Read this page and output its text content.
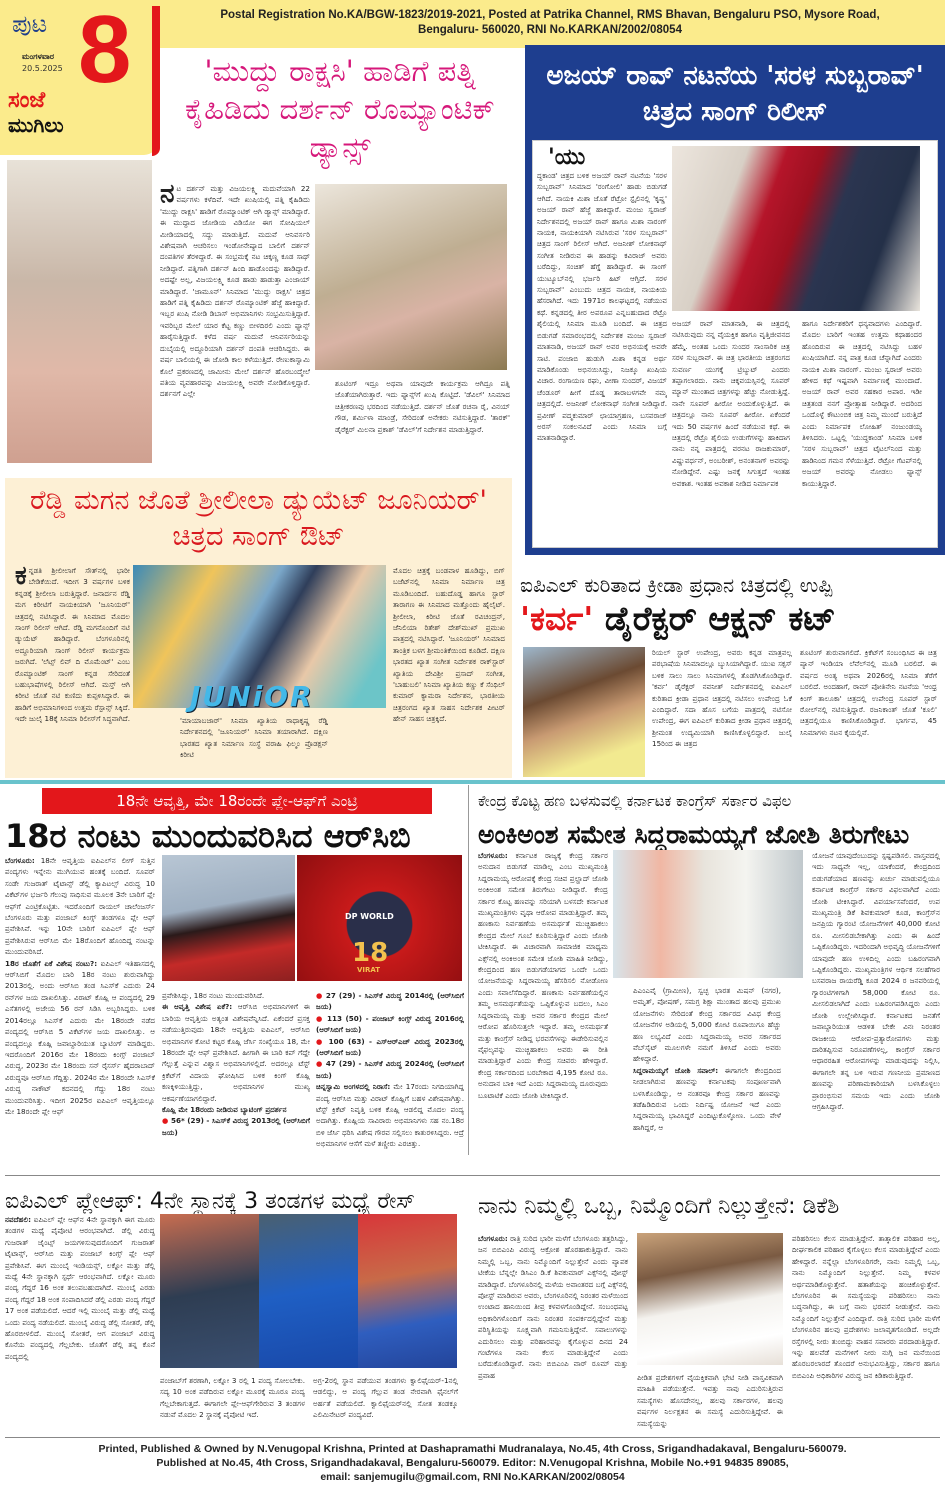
ಪುಟ 8
ಮಂಗಳವಾರ
20.5.2025
ಸಂಜೆ
ಮುಗಿಲು
Postal Registration No.KA/BGW-1823/2019-2021, Posted at Patrika Channel, RMS Bhavan, Bengaluru PSO, Mysore Road,
Bengaluru- 560020, RNI No.KARKAN/2002/08054
'ಮುದ್ದು ರಾಕ್ಷಸಿ' ಹಾಡಿಗೆ ಪತ್ನಿ ಕೈಹಿಡಿದು ದರ್ಶನ್ ರೊಮ್ಯಾಂಟಿಕ್ ಡ್ಯಾನ್ಸ್
ನಟ ದರ್ಶನ್ ಮತ್ತು ವಿಜಯಲಕ್ಷ್ಮಿ ಮದುವೆಯಾಗಿ 22 ವರ್ಷಗಳು ಕಳೆದಿವೆ. ಇದೇ ಖುಷಿಯಲ್ಲಿ ಪತ್ನಿ ಕೈಹಿಡಿದು 'ಮುದ್ದು ರಾಕ್ಷಸಿ' ಹಾಡಿಗೆ ರೊಮ್ಯಾಂಟಿಕ್ ಆಗಿ ಡ್ಯಾನ್ಸ್ ಮಾಡಿದ್ದಾರೆ. ಈ ಮುದ್ದಾದ ಜೋಡಿಯ ವಿಡಿಯೋ ಈಗ ಸೋಷಿಯಲ್ ಮೀಡಿಯಾದಲ್ಲಿ ಸದ್ದು ಮಾಡುತ್ತಿದೆ. ಮದುವೆ ಆನಿವರ್ಸರಿ ವಿಶೇಷವಾಗಿ ಆಚರಿಸಲು ಇಂಡೋನೇಷ್ಯಾದ ಬಾಲಿಗೆ ದರ್ಶನ್ ದಂಪತಿಗಳ ತೆರಳಿದ್ದಾರೆ. ಈ ಸಂಭ್ರಮಕ್ಕೆ ನಟ ಚಿಕ್ಕಣ್ಣ ಕೂಡ ಸಾಥ್ ನೀಡಿದ್ದಾರೆ. ಪತ್ನಿಗಾಗಿ ದರ್ಶನ್ ಹಿಂದಿ ಹಾಡೊಂದನ್ನು ಹಾಡಿದ್ದಾರೆ. ಅದಷ್ಟೇ ಅಲ್ಲ, ವಿಜಯಲಕ್ಷ್ಮಿ ಕೂಡ ಹಾಡು ಹಾಡುತ್ತಾ ಎಂಜಾಯ್ ಮಾಡಿದ್ದಾರೆ. 'ಜಾಮೂನ್' ಸಿನಿಮಾದ 'ಮುದ್ದು ರಾಕ್ಷಸಿ' ಚಿತ್ರದ ಹಾಡಿಗೆ ಪತ್ನಿ ಕೈಹಿಡಿದು ದರ್ಶನ್ ರೊಮ್ಯಾಂಟಿಕ್ ಹೆಜ್ಜೆ ಹಾಕಿದ್ದಾರೆ. ಇಬ್ಬರ ಖುಷಿ ನೋಡಿ ಡಿಬಾಸ್ ಅಭಿಮಾನಿಗಳು ಸಂಭ್ರಮಿಸುತ್ತಿದ್ದಾರೆ. ಇವರಿಬ್ಬರ ಮೇಲೆ ಯಾರ ಕೆಟ್ಟ ಕಣ್ಣು ಬೀಳದಿರಲಿ ಎಂದು ಫ್ಯಾನ್ಸ್ ಹಾರೈಸುತ್ತಿದ್ದಾರೆ. ಕಳೆದ ವರ್ಷ ಮದುವೆ ಆನಿವರ್ಸರಿಯನ್ನು ದುಬೈಯಲ್ಲಿ ಅದ್ದೂರಿಯಾಗಿ ದರ್ಶನ್ ದಂಪತಿ ಆಚರಿಸಿದ್ದರು. ಈ ವರ್ಷ ಬಾಲಿಯಲ್ಲಿ ಈ ಜೋಡಿ ಕಾಲ ಕಳೆಯುತ್ತಿದೆ. ರೇಣುಕಾಸ್ವಾಮಿ ಕೊಲೆ ಪ್ರಕರಣದಲ್ಲಿ ಜಾಮೀನು ಮೇಲೆ ದರ್ಶನ್ ಹೊರಬಂದ್ಮೇಲೆ ಪತಿಯ ವ್ಯವಹಾರವನ್ನು ವಿಜಯಲಕ್ಷ್ಮಿ ಅವರೇ ನೋಡಿಕೊಳ್ತಿದ್ದಾರೆ. ದರ್ಶನಗೆ ಎಲ್ಲೇ
ಶೂಟಿಂಗ್ ಇದ್ರೂ ಅಥವಾ ಯಾವುದೇ ಕಾರ್ಯಕ್ರಮ ಆಗಿದ್ರೂ ಪತ್ನಿ ಜೊತೆಯಾಗಿರುತ್ತಾರೆ. ಇದು ಫ್ಯಾನ್ಸ್‌ಗೆ ಖುಷಿ ಕೊಟ್ಟಿದೆ. 'ಡೆವಿಲ್' ಸಿನಿಮಾದ ಚಿತ್ರೀಕರಣವು ಭರದಿಂದ ನಡೆಯುತ್ತಿದೆ. ದರ್ಶನ್ ಜೊತೆ ರಚನಾ ರೈ, ವಿನಯ್ ಗೌಡ, ಶರ್ಮಿಳಾ ಮಾಂಡ್ರೆ, ಸೇರಿದಂತೆ ಅನೇಕರು ನಟಿಸುತ್ತಿದ್ದಾರೆ. 'ತಾರಕ್' ಡೈರೆಕ್ಟರ್ ಮಿಲನಾ ಪ್ರಕಾಶ್ 'ಡೆವಿಲ್'ಗೆ ನಿರ್ದೇಶನ ಮಾಡುತ್ತಿದ್ದಾರೆ.
ಅಜಯ್ ರಾವ್ ನಟನೆಯ 'ಸರಳ ಸುಬ್ಬರಾವ್' ಚಿತ್ರದ ಸಾಂಗ್ ರಿಲೀಸ್
'ಯು
ದ್ಧಕಾಂಡ' ಚಿತ್ರದ ಬಳಿಕ ಅಜಯ್ ರಾವ್ ನಟನೆಯ 'ಸರಳ ಸುಬ್ಬರಾವ್' ಸಿನಿಮಾದ 'ರಂಗೋಲಿ' ಹಾಡು ಬಿಡುಗಡೆ ಆಗಿದೆ. ನಾಯಕಿ ಮಿಶಾ ಜೊತೆ ರೆಟ್ರೋ ಸ್ಟೈಲಿನಲ್ಲಿ 'ಕೃಷ್ಣ' ಅಜಯ್ ರಾವ್ ಹೆಜ್ಜೆ ಹಾಕಿದ್ದಾರೆ. ಮಂಜು ಸ್ವರಾಜ್ ನಿರ್ದೇಶನದಲ್ಲಿ ಅಜಯ್ ರಾವ್ ಹಾಗೂ ಮಿಶಾ ನಾರಂಗ್ ನಾಯಕ, ನಾಯಕಿಯಾಗಿ ನಟಿಸಿರುವ 'ಸರಳ ಸುಬ್ಬರಾವ್' ಚಿತ್ರದ ಸಾಂಗ್ ರಿಲೀಸ್ ಆಗಿದೆ. ಅಜನೀಶ್ ಲೋಕನಾಥ್ ಸಂಗೀತ ನೀಡಿರುವ ಈ ಹಾಡನ್ನು ಕವಿರಾಜ್ ಅವರು ಬರೆದಿದ್ದು, ಸಂಚಿತ್ ಹೆಗ್ಡೆ ಹಾಡಿದ್ದಾರೆ. ಈ ಸಾಂಗ್ ಯುಟ್ಯೂಬ್‌ನಲ್ಲಿ ಭರ್ಜರಿ ಹಿಟ್ ಆಗ್ತಿದೆ. ಸರಳ ಸುಬ್ಬರಾವ್' ಎಂಬುದು ಚಿತ್ರದ ನಾಯಕ, ನಾಯಕಿಯ ಹೆಸರಾಗಿದೆ. ಇದು 1971ರ ಕಾಲಘಟ್ಟದಲ್ಲಿ ನಡೆಯುವ ಕಥೆ. ಕನ್ನಡದಲ್ಲಿ ತೀರ ಅಪರೂಪ ಎನ್ನಬಹುದಾದ ರೆಟ್ರೊ ಶೈಲಿಯಲ್ಲಿ ಸಿನಿಮಾ ಮೂಡಿ ಬಂದಿದೆ. ಈ ಚಿತ್ರದ ಬಿಡುಗಡೆ ಸಮಾರಂಭದಲ್ಲಿ ನಿರ್ದೇಶಕ ಮಂಜು ಸ್ವರಾಜ್ ಮಾತನಾಡಿ, ಅಜಯ್ ರಾವ್ ಅವರ ಅಭಿನಯಕ್ಕೆ ಅವರೇ ಸಾಟಿ. ಪಂಜಾಬಿ ಹುಡುಗಿ ಮಿಶಾ ಕನ್ನಡ ಅರ್ಥ ಮಾಡಿಕೊಂಡು ಅಭಿನಯಿಸಿದ್ದು, ನಿಜಕ್ಕೂ ಖುಷಿಯ ವಿಚಾರ. ರಂಗಾಯಣ ರಘು, ವೀಣಾ ಸುಂದರ್, ವಿಜಯ್ ಚೆಂಡೂರ್ ಹೀಗೆ ದೊಡ್ಡ ತಾರಾಬಳಗವೇ ನಮ್ಮ ಚಿತ್ರದಲ್ಲಿದೆ. ಅಜನೀಶ್ ಲೋಕನಾಥ್ ಸಂಗೀತ ನೀಡಿದ್ದಾರೆ. ಪ್ರವೀಣ್ ಪದ್ಮಕುಮಾರ್ ಛಾಯಾಗ್ರಹಣ, ಬಸವರಾಜ್ ಅರಸ್ ಸಂಕಲನವಿದೆ ಎಂದು ಸಿನಿಮಾ ಬಗ್ಗೆ ಮಾತನಾಡಿದ್ದಾರೆ.
ಅಜಯ್ ರಾವ್ ಮಾತನಾಡಿ, ಈ ಚಿತ್ರದಲ್ಲಿ ನಟಿಸಿರುವುದು ನನ್ನ ವೈಯಕ್ತಿಕ ಹಾಗೂ ವೃತ್ತಿಜೀವನದ ಹೆಮ್ಮೆ. ಅಂತಹ ಒಂದು ಸುಂದರ ಸಾಂಸಾರಿಕ ಚಿತ್ರ ಸರಳ ಸುಬ್ಬರಾವ್. ಈ ಚಿತ್ರ ಭಾರತೀಯ ಚಿತ್ರರಂಗದ ಸುವರ್ಣ ಯುಗಕ್ಕೆ ಟ್ರಿಬ್ಯುಟ್ ಎಂದರು ತಪ್ಪಾಗಲಾರದು. ನಾನು ಚಿಕ್ಕವಯಸ್ಸಿನಲ್ಲಿ ಸೂಪರ್ ಮ್ಯಾನ್ ಮುಂತಾದ ಚಿತ್ರಗಳನ್ನು ಹೆಚ್ಚು ನೋಡುತ್ತಿದ್ದೆ. ನಾನೇ ಸೂಪರ್ ಹೀರೋ ಅಂದುಕೊಳ್ಳುತ್ತಿದೆ. ಈ ಚಿತ್ರದಲ್ಲೂ ನಾನು ಸೂಪರ್ ಹೀರೋ. ಏಕೆಂದರೆ ಇದು 50 ವರ್ಷಗಳ ಹಿಂದೆ ನಡೆಯುವ ಕಥೆ. ಈ ಚಿತ್ರದಲ್ಲಿ ರೆಟ್ರೊ ಶೈಲಿಯ ಉಡುಗೆಗಳನ್ನು ಹಾಕಿದಾಗ ನಾನು ನನ್ನ ಪಾತ್ರದಲ್ಲಿ ವರನಟ ರಾಜಕುಮಾರ್, ವಿಷ್ಣುವರ್ಧನ್, ಅಂಬರೀಶ್, ಅನಂತನಾಗ್ ಅವರನ್ನು ನೋಡಿದ್ದೇನೆ. ಎಷ್ಟು ಜನಕ್ಕೆ ಸಿಗುತ್ತದೆ ಇಂತಹ ಅವಕಾಶ. ಇಂತಹ ಅವಕಾಶ ನೀಡಿದ ನಿರ್ಮಾಪಕ
ಹಾಗೂ ನಿರ್ದೇಶಕರಿಗೆ ಧನ್ಯವಾದಗಳು ಎಂದಿದ್ದಾರೆ. ಮೊದಲ ಬಾರಿಗೆ ಇಂತಹ ಉತ್ತಮ ಕಥಾಹಂದರ ಹೊಂದಿರುವ ಈ ಚಿತ್ರದಲ್ಲಿ ನಟಿಸಿದ್ದು ಬಹಳ ಖುಷಿಯಾಗಿದೆ. ನನ್ನ ಪಾತ್ರ ಕೂಡ ಚೆನ್ನಾಗಿದೆ ಎಂದರು ನಾಯಕಿ ಮಿಶಾ ನಾರಂಗ್. ಮಂಜು ಸ್ವರಾಜ್ ಅವರು ಹೇಳಿದ ಕಥೆ ಇಷ್ಟವಾಗಿ ನಿರ್ಮಾಣಕ್ಕೆ ಮುಂದಾದೆ. ಅಜಯ್ ರಾವ್ ಅವರ ಸಹಕಾರ ಅಪಾರ. ಇಡೀ ಚಿತ್ರತಂಡ ನನಗೆ ಪ್ರೋತ್ಸಾಹ ನೀಡಿದ್ದಾರೆ. ಅದರಿಂದ ಒಂದೊಳ್ಳೆ ಕೌಟುಂಬಿಕ ಚಿತ್ರ ನಿಮ್ಮ ಮುಂದೆ ಬರುತ್ತಿದೆ ಎಂದು ನಿರ್ಮಾಪಕ ಲೋಹಿತ್ ನಂಜುಂಡಯ್ಯ ತಿಳಿಸಿದರು. ಒಟ್ಟಲ್ಲಿ 'ಯುದ್ಧಕಾಂಡ' ಸಿನಿಮಾ ಬಳಿಕ 'ಸರಳ ಸುಬ್ಬರಾವ್' ಚಿತ್ರದ ಟೈಟಲ್‌ನಿಂದ ಮತ್ತು ಹಾಡಿನಿಂದ ಗಮನ ಸೆಳೆಯುತ್ತಿದೆ. ರೆಟ್ರೋ ಗೆಟಪ್‌ನಲ್ಲಿ ಅಜಯ್ ಅವರನ್ನು ನೋಡಲು ಫ್ಯಾನ್ಸ್ ಕಾಯುತ್ತಿದ್ದಾರೆ.
ರೆಡ್ಡಿ ಮಗನ ಜೊತೆ ಶ್ರೀಲೀಲಾ ಡ್ಯುಯೆಟ್ ಜೂನಿಯರ್' ಚಿತ್ರದ ಸಾಂಗ್ ಔಟ್
JUNiOR
ಕನ್ನಡತಿ ಶ್ರೀಲೀಲಾಗೆ ಸೌತ್‌ನಲ್ಲಿ ಭಾರೀ ಬೇಡಿಕೆಯಿದೆ. ಇದೀಗ 3 ವರ್ಷಗಳ ಬಳಿಕ ಕನ್ನಡಕ್ಕೆ ಶ್ರೀಲೀಲಾ ಬರುತ್ತಿದ್ದಾರೆ. ಜನಾರ್ದನ ರೆಡ್ಡಿ ಮಗ ಕಿರೀಟಿಗೆ ನಾಯಕಿಯಾಗಿ 'ಜೂನಿಯರ್' ಚಿತ್ರದಲ್ಲಿ ನಟಿಸಿದ್ದಾರೆ. ಈ ಸಿನಿಮಾದ ಮೊದಲ ಸಾಂಗ್ ರಿಲೀಸ್ ಆಗಿದೆ. ರೆಡ್ಡಿ ಮಗನೊಂದಿಗೆ ನಟಿ ಡ್ಯುಯೆಟ್ ಹಾಡಿದ್ದಾರೆ. ಬೆಂಗಳೂರಿನಲ್ಲಿ ಅದ್ದೂರಿಯಾಗಿ ಸಾಂಗ್ ರಿಲೀಸ್ ಕಾರ್ಯಕ್ರಮ ಜರುಗಿದೆ. 'ಲೆಟ್ಸ್ ಲಿವ್ ದಿ ಮೊಮೆಂಟ್' ಎಂಬ ರೊಮ್ಯಾಂಟಿಕ್ ಸಾಂಗ್ ಕನ್ನಡ ಸೇರಿದಂತೆ ಬಹುಭಾಷೆಗಳಲ್ಲಿ ರಿಲೀಸ್ ಆಗಿದೆ. ಮಸ್ತ್ ಆಗಿ ಕಿರೀಟಿ ಜೊತೆ ನಟಿ ಕುಣಿದು ಕುಪ್ಪಳಿಸಿದ್ದಾರೆ. ಈ ಹಾಡಿಗೆ ಅಭಿಮಾನಿಗಳಿಂದ ಉತ್ತಮ ರೆಸ್ಪಾನ್ಸ್ ಸಿಕ್ಕಿದೆ. ಇದೇ ಜುಲೈ 18ಕ್ಕೆ ಸಿನಿಮಾ ರಿಲೀಸ್‌ಗೆ ಸಿದ್ಧವಾಗಿದೆ.	'ಮಾಯಾಬಜಾರ್' ಸಿನಿಮಾ ಖ್ಯಾತಿಯ ರಾಧಾಕೃಷ್ಣ ರೆಡ್ಡಿ ನಿರ್ದೇಶನದಲ್ಲಿ 'ಜೂನಿಯರ್' ಸಿನಿಮಾ ತಯಾರಾಗಿದೆ. ದಕ್ಷಿಣ ಭಾರತದ ಖ್ಯಾತ ನಿರ್ಮಾಣ ಸಂಸ್ಥೆ ವರಾಹಿ ಫಿಲ್ಮಂ ಪ್ರೊಡಕ್ಷನ್ ಕಿರೀಟಿ
ಮೊದಲ ಚಿತ್ರಕ್ಕೆ ಬಂಡವಾಳ ಹೂಡಿದ್ದು, ಬಿಗ್ ಬಜೆಟ್‌ನಲ್ಲಿ ಸಿನಿಮಾ ನಿರ್ಮಾಣ ಚಿತ್ರ ಮೂಡಿಬಂದಿದೆ. ಬಹುದೊಡ್ಡ ಹಾಗೂ ಸ್ಟಾರ್ ತಾರಾಗಣ ಈ ಸಿನಿಮಾದ ಮತ್ತೊಂದು ಹೈಲೈಟ್. ಶ್ರೀಲೀಲಾ, ಕಿರೀಟಿ ಜೊತೆ ರವಿಚಂದ್ರನ್, ಜೆನಿಲಿಯಾ ರಿತೇಶ್ ದೇಶ್‌ಮುಖ್ ಪ್ರಮುಖ ಪಾತ್ರದಲ್ಲಿ ನಟಿಸಿದ್ದಾರೆ. 'ಜೂನಿಯರ್' ಸಿನಿಮಾದ ತಾಂತ್ರಿಕ ಬಳಗ ಶ್ರೀಮಂತಿಕೆಯಿಂದ ಕೂಡಿದೆ. ದಕ್ಷಿಣ ಭಾರತದ ಖ್ಯಾತ ಸಂಗೀತ ನಿರ್ದೇಶಕ ರಾಕ್‌ಸ್ಟಾರ್ ಖ್ಯಾತಿಯ ದೇವಿಶ್ರೀ ಪ್ರಸಾದ್ ಸಂಗೀತ, 'ಬಾಹುಬಲಿ' ಸಿನಿಮಾ ಖ್ಯಾತಿಯ ಕಣ್ಣು ಕೆ ಸೆಂಥಿಲ್ ಕುಮಾರ್ ಕ್ಯಾಮರಾ ನಿರ್ದೇಶನ, ಭಾರತೀಯ ಚಿತ್ರರಂಗದ ಖ್ಯಾತ ಸಾಹಸ ನಿರ್ದೇಶಕ ಪೀಟರ್ ಹೇನ್ ಸಾಹಸ ಚಿತ್ರಕ್ಕಿದೆ.
ಐಪಿಎಲ್ ಕುರಿತಾದ ಕ್ರೀಡಾ ಪ್ರಧಾನ ಚಿತ್ರದಲ್ಲಿ ಉಪ್ಪಿ
'ಕರ್ವ' ಡೈರೆಕ್ಟರ್ ಆಕ್ಷನ್ ಕಟ್
ರಿಯಲ್ ಸ್ಟಾರ್ ಉಪೇಂದ್ರ, ಅವರು ಕನ್ನಡ ಮಾತ್ರವಲ್ಲ ಪರಭಾಷೆಯ ಸಿನಿಮಾದಲ್ಲೂ ಬ್ಯುಸಿಯಾಗಿದ್ದಾರೆ. ಯುಐ ಸಕ್ಸಸ್ ಬಳಿಕ ಸಾಲು ಸಾಲು ಸಿನಿಮಾಗಳಲ್ಲಿ ತೊಡಗಿಸಿಕೊಂಡಿದ್ದಾರೆ. 'ಕರ್ವ' ಡೈರೆಕ್ಟರ್ ನವನೀತ್ ನಿರ್ದೇಶನದಲ್ಲಿ ಐಪಿಎಲ್ ಕುರಿತಾದ ಕ್ರೀಡಾ ಪ್ರಧಾನ ಚಿತ್ರದಲ್ಲಿ ನಟಿಸಲು ಉಪೇಂದ್ರ ಓಕೆ ಎಂದಿದ್ದಾರೆ. ಸದಾ ಹೊಸ ಬಗೆಯ ಪಾತ್ರದಲ್ಲಿ ನಟಿಸೋ ಉಪೇಂದ್ರ, ಈಗ ಐಪಿಎಲ್ ಕುರಿತಾದ ಕ್ರೀಡಾ ಪ್ರಧಾನ ಚಿತ್ರದಲ್ಲಿ ಶ್ರೀಮಂತ ಉದ್ಯಮಿಯಾಗಿ ಕಾಣಿಸಿಕೊಳ್ಳಲಿದ್ದಾರೆ. ಜುಲೈ 15ರಿಂದ ಈ ಚಿತ್ರದ
ಶೂಟಿಂಗ್ ಶುರುವಾಗಲಿದೆ. ಕ್ರಿಕೆಟ್‌ಗೆ ಸಂಬಂಧಿಸಿದ ಈ ಚಿತ್ರ ಪ್ಯಾನ್ ಇಂಡಿಯಾ ಲೆವೆಲ್‌ನಲ್ಲಿ ಮೂಡಿ ಬರಲಿದೆ. ಈ ವರ್ಷದ ಅಂತ್ಯ ಅಥವಾ 2026ರಲ್ಲಿ ಸಿನಿಮಾ ತೆರೆಗೆ ಬರಲಿದೆ. ಅಂದಹಾಗೆ, ರಾಮ್ ಪೋತಿನೇನಿ ನಟನೆಯ 'ಆಂಧ್ರ ಕಿಂಗ್ ತಾಲೂಕಾ' ಚಿತ್ರದಲ್ಲಿ ಉಪೇಂದ್ರ ಸೂಪರ್ ಸ್ಟಾರ್ ರೋಲ್‌ನಲ್ಲಿ ನಟಿಸುತ್ತಿದ್ದಾರೆ. ರಜನಿಕಾಂತ್ ಜೊತೆ 'ಕೂಲಿ' ಚಿತ್ರದಲ್ಲಿಯೂ ಕಾಣಿಸಿಕೊಂಡಿದ್ದಾರೆ. ಭಾರ್ಗವ, 45 ಸಿನಿಮಾಗಳು ನಟನ ಕೈಯಲ್ಲಿವೆ.
18ನೇ ಆವೃತ್ತಿ, ಮೇ 18ರಂದೇ ಪ್ಲೇ-ಆಫ್‌ಗೆ ಎಂಟ್ರಿ
18ರ ನಂಟು ಮುಂದುವರಿಸಿದ ಆರ್‌ಸಿಬಿ
DP WORLD
18
VIRAT
ಬೆಂಗಳೂರು: 18ನೇ ಆವೃತ್ತಿಯ ಐಪಿಎಲ್‌ನ ಲೀಗ್ ಸುತ್ತಿನ ಪಂದ್ಯಗಳು ಇನ್ನೇನು ಮುಗಿಯುವ ಹಂತಕ್ಕೆ ಬಂದಿದೆ. ಸೂಪರ್ ಸಂಡೇ ಗುಜರಾತ್ ಟೈಟಾನ್ಸ್ ಡೆಲ್ಲಿ ಕ್ಯಾಪಿಟಲ್ಸ್ ವಿರುದ್ಧ 10 ವಿಕೆಟ್‌ಗಳ ಭರ್ಜರಿ ಗೆಲುವು ಸಾಧಿಸುವ ಮೂಲಕ 3ನೇ ಬಾರಿಗೆ ಪ್ಲೇ ಆಫ್‌ಗೆ ಎಂಟ್ರಿಕೊಟ್ಟಿತು. ಇದರೊಂದಿಗೆ ರಾಯಲ್ ಚಾಲೆಂಜರ್ಸ್ ಬೆಂಗಳೂರು ಮತ್ತು ಪಂಜಾಬ್ ಕಿಂಗ್ಸ್ ತಂಡಗಳೂ ಪ್ಲೇ ಆಫ್ ಪ್ರವೇಶಿಸಿವೆ. ಇನ್ನು 10ನೇ ಬಾರಿಗೆ ಐಪಿಎಲ್ ಪ್ಲೇ ಆಫ್ ಪ್ರವೇಶಿಸಿರುವ ಆರ್‌ಸಿಬಿ ಮೇ 18ರೊಂದಿಗೆ ಹೊಂದಿದ್ದ ನಂಟನ್ನು ಮುಂದುವರಿಸಿದೆ.
18ರ ಜೊತೆಗೆ ಏಕೆ ವಿಶೇಷ ನಂಟು?: ಐಪಿಎಲ್ ಇತಿಹಾಸದಲ್ಲಿ ಆರ್‌ಸಿಬಿಗೆ ಮೊದಲ ಬಾರಿ 18ರ ನಂಟು ಶುರುವಾಗಿದ್ದು 2013ರಲ್ಲಿ. ಅಂದು ಆರ್‌ಸಿಬಿ ತಂಡ ಸಿಎಸ್‌ಕೆ ಎದುರು 24 ರನ್‌ಗಳ ಜಯ ದಾಖಲಿಸಿತ್ತು. ವಿರಾಟ್ ಕೊಹ್ಲಿ ಆ ಪಂದ್ಯದಲ್ಲಿ 29 ಎಸೆತಗಳಲ್ಲಿ ಅಜೇಯ 56 ರನ್ ಸಿಡಿಸಿ ಅಬ್ಬರಿಸಿದ್ದರು. ಬಳಿಕ 2014ರಲ್ಲೂ ಸಿಎಸ್‌ಕೆ ಎದುರು ಮೇ 18ರಂದೇ ನಡೆದ ಪಂದ್ಯದಲ್ಲಿ ಆರ್‌ಸಿಬಿ 5 ವಿಕೆಟ್‌ಗಳ ಜಯ ದಾಖಲಿಸಿತ್ತು. ಆ ಪಂದ್ಯದಲ್ಲೂ ಕೊಹ್ಲಿ ಜವಾಬ್ದಾರಿಯುತ ಬ್ಯಾಟಿಂಗ್ ಮಾಡಿದ್ದರು. ಇದರೊಂದಿಗೆ 2016ರ ಮೇ 18ರಂದು ಕಿಂಗ್ಸ್ ಪಂಜಾಬ್ ವಿರುದ್ಧ, 2023ರ ಮೇ 18ರಂದು ಸನ್ ರೈಸರ್ಸ್ ಹೈದರಾಬಾದ್ ವಿರುದ್ಧವೂ ಆರ್‌ಸಿಬಿ ಗೆದ್ದಿತ್ತು. 2024ರ ಮೇ 18ರಂದೇ ಸಿಎಸ್‌ಕೆ ವಿರುದ್ಧ ನಾಕೌಟ್ ಕದನದಲ್ಲಿ ಗೆದ್ದು 18ರ ನಂಟು ಮುಂದುವರಿಸಿತ್ತು. ಇದೀಗ 2025ರ ಐಪಿಎಲ್ ಆವೃತ್ತಿಯಲ್ಲೂ ಮೇ 18ರಂದೇ ಪ್ಲೇ ಆಫ್
ಪ್ರವೇಶಿಸಿದ್ದು, 18ರ ನಂಟು ಮುಂದುವರಿಸಿದೆ.
ಈ ಆವೃತ್ತಿ ವಿಶೇಷ ಏಕೆ?: ಆರ್‌ಸಿಬಿ ಅಭಿಮಾನಿಗಳಿಗೆ ಈ ಬಾರಿಯ ಆವೃತ್ತಿಯ ಅತ್ಯಂತ ವಿಶೇಷವೆನ್ನಿಸಿದೆ. ಏಕೆಂದರೆ ಪ್ರಸಕ್ತ ನಡೆಯುತ್ತಿರುವುದು 18ನೇ ಆವೃತ್ತಿಯ ಐಪಿಎಲ್, ಆರ್‌ಸಿಬಿ ಅಭಿಮಾನಿಗಳ ಕೋಟಿ ಕಟ್ಟರ ಕೊಹ್ಲಿ ಜೆರ್ಸಿ ಸಂಖ್ಯೆಯೂ 18, ಮೇ 18ರಂದೇ ಪ್ಲೇ ಆಫ್ ಪ್ರವೇಶಿಸಿದೆ. ಹೀಗಾಗಿ ಈ ಬಾರಿ ಕಪ್ ಗೆದ್ದೇ ಗೆಲ್ಲುತ್ತೆ ಎನ್ನುವ ವಿಶ್ವಾಸ ಅಭಿಮಾನಿಗಳಲ್ಲಿದೆ. ಅದರಲ್ಲೂ ಟೆಸ್ಟ್ ಕ್ರಿಕೆಟ್‌ಗೆ ವಿದಾಯ ಘೋಷಿಸಿದ ಬಳಿಕ ಕಿಂಗ್ ಕೊಹ್ಲಿ ಕಣಕ್ಕಿಳಿಯುತ್ತಿದ್ದು, ಅಭಿಮಾನಿಗಳ ಮುಖ್ಯ ಆಕರ್ಷಣೆಯಾಗಲಿದ್ದಾರೆ.
ಕೊಹ್ಲಿ ಮೇ 18ರಂದು ನೀಡಿರುವ ಬ್ಯಾಟಿಂಗ್ ಪ್ರದರ್ಶನ
● 56* (29) - ಸಿಎಸ್‌ಕೆ ವಿರುದ್ಧ 2013ರಲ್ಲಿ (ಆರ್‌ಸಿಬಿಗೆ ಜಯ)
● 27 (29) - ಸಿಎಸ್‌ಕೆ ವಿರುದ್ಧ 2014ರಲ್ಲಿ (ಆರ್‌ಸಿಬಿಗೆ ಜಯ)
● 113 (50) - ಪಂಜಾಬ್ ಕಿಂಗ್ಸ್ ವಿರುದ್ಧ 2016ರಲ್ಲಿ (ಆರ್‌ಸಿಬಿಗೆ ಜಯ)
● 100 (63) - ಎಸ್‌ಆರ್‌ಎಚ್ ವಿರುದ್ಧ 2023ರಲ್ಲಿ (ಆರ್‌ಸಿಬಿಗೆ ಜಯ)
● 47 (29) - ಸಿಎಸ್‌ಕೆ ವಿರುದ್ಧ 2024ರಲ್ಲಿ (ಆರ್‌ಸಿಬಿಗೆ ಜಯ)
ಚಿನ್ನಸ್ವಾಮಿ ಅಂಗಳದಲ್ಲಿ ನಿರಾಸೆ: ಮೇ 17ರಂದು ನಿಗದಿಯಾಗಿದ್ದ ಪಂದ್ಯ ಆರ್‌ಸಿಬಿ ಮತ್ತು ವಿರಾಟ್ ಕೊಹ್ಲಿಗೆ ಬಹಳ ವಿಶೇಷವಾಗಿತ್ತು. ಟೆಸ್ಟ್ ಕ್ರಿಕೆಟ್ ನಿವೃತ್ತಿ ಬಳಿಕ ಕೊಹ್ಲಿ ಆಡಲಿದ್ದ ಮೊದಲ ಪಂದ್ಯ ಅದಾಗಿತ್ತು. ಕೊಹ್ಲಿಯ ಸಾವಿರಾರು ಅಭಿಮಾನಿಗಳು ಸಹ ನಂ.18ರ ಬಿಳಿ ಜೆರ್ಸಿ ಧರಿಸಿ ವಿಶೇಷ ಗೌರವ ಸಲ್ಲಿಸಲು ಕಾತುರಳಿಸಿದ್ದರು. ಆದ್ರೆ ಅಭಿಮಾನಿಗಳ ಆಸೆಗೆ ಮಳೆ ತಣ್ಣೀರು ಎರಚಿತ್ತು.
ಕೇಂದ್ರ ಕೊಟ್ಟ ಹಣ ಬಳಸುವಲ್ಲಿ ಕರ್ನಾಟಕ ಕಾಂಗ್ರೆಸ್ ಸರ್ಕಾರ ವಿಫಲ
ಅಂಕಿಅಂಶ ಸಮೇತ ಸಿದ್ದರಾಮಯ್ಯಗೆ ಜೋಶಿ ತಿರುಗೇಟು
ಬೆಂಗಳೂರು: ಕರ್ನಾಟಕ ರಾಜ್ಯಕ್ಕೆ ಕೇಂದ್ರ ಸರ್ಕಾರ ಅನುದಾನ ಬಿಡುಗಡೆ ಮಾಡಿಲ್ಲ ಎಂಬ ಮುಖ್ಯಮಂತ್ರಿ ಸಿದ್ದರಾಮಯ್ಯ ಆರೋಪಕ್ಕೆ ಕೇಂದ್ರ ಸಚಿವ ಪ್ರಲ್ಹಾದ್ ಜೋಶಿ ಅಂಕಿಅಂಶ ಸಮೇತ ತಿರುಗೇಟು ನೀಡಿದ್ದಾರೆ. ಕೇಂದ್ರ ಸರ್ಕಾರ ಕೊಟ್ಟ ಹಣವನ್ನು ಸರಿಯಾಗಿ ಬಳಸದೇ ಕರ್ನಾಟಕ ಮುಖ್ಯಮಂತ್ರಿಗಳು ವೃಥಾ ಆರೋಪ ಮಾಡುತ್ತಿದ್ದಾರೆ. ತಮ್ಮ ಹಣಕಾಸು ನಿರ್ವಹಣೆಯ ಅಸಮರ್ಥತೆ ಮುಚ್ಚಿಹಾಕಲು ಕೇಂದ್ರದ ಮೇಲೆ ಗೂಬೆ ಕೂರಿಸುತ್ತಿದ್ದಾರೆ ಎಂದು ಜೋಶಿ ಟೀಕಿಸಿದ್ದಾರೆ. ಈ ವಿಚಾರವಾಗಿ ಸಾಮಾಜಿಕ ಮಾಧ್ಯಮ ಎಕ್ಸ್‌ನಲ್ಲಿ ಅಂಕಿಅಂಶ ಸಮೇತ ಜೋಶಿ ಮಾಹಿತಿ ನೀಡಿದ್ದು, ಕೇಂದ್ರದಿಂದ ಹಣ ಬಿಡುಗಡೆಯಾಗದ ಒಂದೇ ಒಂದು ಯೋಜನೆಯನ್ನು ಸಿದ್ದರಾಮಯ್ಯ ಹೆಸರಿಸಲಿ ನೋಡೋಣ ಎಂದು ಸವಾಲೆಸೆದಿದ್ದಾರೆ. ಹಣಕಾಸು ನಿರ್ವಹಣೆಯಲ್ಲಿನ ತಮ್ಮ ಅಸಮರ್ಥತೆಯನ್ನು ಒಪ್ಪಿಕೊಳ್ಳುವ ಬದಲು, ಸಿಎಂ ಸಿದ್ದರಾಮಯ್ಯ ಮತ್ತು ಅವರ ಸರ್ಕಾರ ಕೇಂದ್ರದ ಮೇಲೆ ಆರೋಪ ಹೊರಿಸುತ್ತಲೇ ಇದ್ದಾರೆ. ತಮ್ಮ ಅಸಮರ್ಥತೆ ಮತ್ತು ಕಾಂಗ್ರೆಸ್ ನೀಡಿದ್ದ ಭರವಸೆಗಳನ್ನು ಈಡೇರಿಸುವಲ್ಲಿನ ವೈಫಲ್ಯವನ್ನು ಮುಚ್ಚಿಹಾಕಲು ಅವರು ಈ ರೀತಿ ಮಾಡುತ್ತಿದ್ದಾರೆ ಎಂದು ಕೇಂದ್ರ ಸಚಿವರು ಹೇಳಿದ್ದಾರೆ. ಕೇಂದ್ರ ಸರ್ಕಾರದಿಂದ ಬರಬೇಕಾದ 4,195 ಕೋಟಿ ರೂ. ಅನುದಾನ ಬಾಕಿ ಇದೆ ಎಂದು ಸಿದ್ದರಾಮಯ್ಯ ದೂರುವುದು ಬೂಟಾಟಿಕೆ ಎಂದು ಜೋಶಿ ಟೀಕಿಸಿದ್ದಾರೆ.
ಪಿಎಂಎವೈ (ಗ್ರಾಮೀಣ), ಸ್ವಚ್ಛ ಭಾರತ ಮಿಷನ್ (ನಗರ), ಅಮೃತ್, ಪೋಷಣ್, ಸಮಗ್ರ ಶಿಕ್ಷಾ ಮುಂತಾದ ಹಲವು ಪ್ರಮುಖ ಯೋಜನೆಗಳು ಸೇರಿದಂತೆ ಕೇಂದ್ರ ಸರ್ಕಾರದ ವಿವಿಧ ಕೇಂದ್ರ ಯೋಜನೆಗಳ ಅಡಿಯಲ್ಲಿ 5,000 ಕೋಟಿ ರೂಪಾಯಿಗೂ ಹೆಚ್ಚು ಹಣ ಲಭ್ಯವಿದೆ ಎಂದು ಸಿದ್ದರಾಮಯ್ಯ ಅವರ ಸರ್ಕಾರದ ವೆಬ್‌ಸೈಟ್ ಮೂಲಗಳೇ ನಮಗೆ ತಿಳಿಸಿದೆ ಎಂದು ಅವರು ಹೇಳಿದ್ದಾರೆ.
ಸಿದ್ದರಾಮಯ್ಯಗೆ ಜೋಶಿ ಸವಾಲ್: ಈಗಾಗಲೇ ಕೇಂದ್ರದಿಂದ ನೀಡಲಾಗಿರುವ ಹಣವನ್ನು ಕರ್ನಾಟಕವು ಸಂಪೂರ್ಣವಾಗಿ ಬಳಸಿಕೊಂಡಿದ್ದು, ಆ ನಂತರವೂ ಕೇಂದ್ರ ಸರ್ಕಾರ ಹಣವನ್ನು ತಡೆಹಿಡಿದಿರುವ ಒಂದು ನಿರ್ದಿಷ್ಟ ಯೋಜನೆ ಇದೆ ಎಂದು ಸಿದ್ದರಾಮಯ್ಯ ಭಾವಿಸಿದ್ದರೆ ಎಂದಿಟ್ಟುಕೊಳ್ಳೋಣ. ಒಂದು ವೇಳೆ ಹಾಗಿದ್ದರೆ, ಆ
ಯೋಜನೆ ಯಾವುದೆಂಬುದನ್ನು ಸ್ಪಷ್ಟಪಡಿಸಲಿ. ವಾಸ್ತವದಲ್ಲಿ ಇದು ಸಾಧ್ಯವೇ ಇಲ್ಲ, ಯಾಕೆಂದರೆ, ಕೇಂದ್ರದಿಂದ ಬಿಡುಗಡೆಯಾದ ಹಣವನ್ನು ಖರ್ಚು ಮಾಡುವಲ್ಲಿಯೂ ಕರ್ನಾಟಕ ಕಾಂಗ್ರೆಸ್ ಸರ್ಕಾರ ವಿಫಲವಾಗಿದೆ ಎಂದು ಜೋಶಿ ಟೀಕಿಸಿದ್ದಾರೆ. ವಿಪರ್ಯಾಸವೆಂದರೆ, ಉಪ ಮುಖ್ಯಮಂತ್ರಿ ಡಿಕೆ ಶಿವಕುಮಾರ್ ಕೂಡ, ಕಾಂಗ್ರೆಸ್‌ನ ಜನಪ್ರಿಯ ಗ್ಯಾರಂಟಿ ಯೋಜನೆಗಳಿಗೆ 40,000 ಕೋಟಿ ರೂ. ಮೀಸಲಿಡಬೇಕಾಗಿತ್ತು ಎಂದು ಈ ಹಿಂದೆ ಒಪ್ಪಿಕೊಂಡಿದ್ದರು. ಇದರಿಂದಾಗಿ ಅಭಿವೃದ್ಧಿ ಯೋಜನೆಗಳಿಗೆ ಯಾವುದೇ ಹಣ ಉಳಿದಿಲ್ಲ ಎಂದು ಬಹಿರಂಗವಾಗಿ ಒಪ್ಪಿಕೊಂಡಿದ್ದರು. ಮುಖ್ಯಮಂತ್ರಿಗಳ ಆರ್ಥಿಕ ಸಲಹೆಗಾರ ಬಸವರಾಜ ರಾಯರೆಡ್ಡಿ ಕೂಡ 2024 ರ ಜನವರಿಯಲ್ಲಿ ಗ್ಯಾರಂಟಿಗಳಿಗಾಗಿ 58,000 ಕೋಟಿ ರೂ. ಮೀಸಲಿಡಲಾಗಿದೆ ಎಂದು ಬಹಿರಂಗಪಡಿಸಿದ್ದರು ಎಂದು ಜೋಶಿ ಉಲ್ಲೇಖಿಸಿದ್ದಾರೆ. ಕರ್ನಾಟಕದ ಜನತೆಗೆ ಜವಾಬ್ದಾರಿಯುತ ಆಡಳಿತ ಬೇಕೇ ವಿನಃ ನಿರಂತರ ರಾಜಕೀಯ ಆರೋಪ-ಪ್ರತ್ಯಾರೋಪಗಳು ಮತ್ತು ದಾರಿತಪ್ಪಿಸುವ ನಿರೂಪಣೆಗಳಲ್ಲ, ಕಾಂಗ್ರೆಸ್ ಸರ್ಕಾರ ಆಧಾರರಹಿತ ಆರೋಪಗಳನ್ನು ಮಾಡುವುದನ್ನು ನಿಲ್ಲಿಸಿ, ಈಗಾಗಲೇ ತನ್ನ ಬಳಿ ಇರುವ ಗಣನೀಯ ಪ್ರಮಾಣದ ಹಣವನ್ನು ಪರಿಣಾಮಕಾರಿಯಾಗಿ ಬಳಸಿಕೊಳ್ಳಲು ಪ್ರಾರಂಭಿಸುವ ಸಮಯ ಇದು ಎಂದು ಜೋಶಿ ಆಗ್ರಹಿಸಿದ್ದಾರೆ.
ಐಪಿಎಲ್ ಪ್ಲೇಆಫ್: 4ನೇ ಸ್ಥಾನಕ್ಕೆ 3 ತಂಡಗಳ ಮಧ್ಯೆ ರೇಸ್
ನವದೆಹಲಿ: ಐಪಿಎಲ್ ಪ್ಲೇ ಆಫ್‌ನ 4ನೇ ಸ್ಥಾನಕ್ಕಾಗಿ ಈಗ ಮೂರು ತಂಡಗಳ ಮಧ್ಯೆ ಪೈಪೋಟಿ ಆರಂಭವಾಗಿದೆ. ಡೆಲ್ಲಿ ವಿರುದ್ಧ ಗುಜರಾತ್ ಜೈಂಟ್ಸ್ ಜಯಗಳಿಸುವುದರೊಂದಿಗೆ ಗುಜರಾತ್ ಟೈಟಾನ್ಸ್, ಆರ್‌ಸಿಬಿ ಮತ್ತು ಪಂಜಾಬ್ ಕಿಂಗ್ಸ್ ಪ್ಲೇ ಆಫ್ ಪ್ರವೇಶಿಸಿವೆ. ಈಗ ಮುಂಬೈ ಇಂಡಿಯನ್ಸ್, ಲಕ್ನೋ ಮತ್ತು ಡೆಲ್ಲಿ ಮಧ್ಯೆ 4ನೇ ಸ್ಥಾನಕ್ಕಾಗಿ ಸ್ಪರ್ಧೆ ಆರಂಭವಾಗಿದೆ. ಲಕ್ನೋ ಮೂರು ಪಂದ್ಯ ಗೆದ್ದರೆ 16 ಅಂಕ ತಲುಪಬಹುದಾಗಿದೆ. ಮುಂಬೈ ಎರಡು ಪಂದ್ಯ ಗೆದ್ದರೆ 18 ಅಂಕ ಸಂಪಾದಿಸಿದರೆ ಡೆಲ್ಲಿ ಎರಡು ಪಂದ್ಯ ಗೆದ್ದರೆ 17 ಅಂಕ ಪಡೆಯಲಿದೆ. ಆದರೆ ಇಲ್ಲಿ ಮುಂಬೈ ಮತ್ತು ಡೆಲ್ಲಿ ಮಧ್ಯೆ ಒಂದು ಪಂದ್ಯ ನಡೆಯಲಿದೆ. ಮುಂಬೈ ವಿರುದ್ಧ ಡೆಲ್ಲಿ ಸೋತರೆ, ಡೆಲ್ಲಿ ಹೊರಬೀಳಲಿದೆ. ಮುಂಬೈ ಸೋತರೆ, ಆಗ ಪಂಜಾಬ್ ವಿರುದ್ಧ ಕೊನೆಯ ಪಂದ್ಯದಲ್ಲಿ ಗೆಲ್ಲಬೇಕು. ಜೊತೆಗೆ ಡೆಲ್ಲಿ ತನ್ನ ಕೊನೆ ಪಂದ್ಯದಲ್ಲಿ
ಪಂಜಾಬ್‌ಗೆ ಶರಣಾಗಿ, ಲಕ್ನೋ 3 ರಲ್ಲಿ 1 ಪಂದ್ಯ ಸೋಲಬೇಕು. ಸದ್ಯ 10 ಅಂಕ ಪಡೆದಿರುವ ಲಕ್ನೋ ಮೂರಕ್ಕೆ ಮೂರೂ ಪಂದ್ಯ ಗೆಲ್ಲಬೇಕಾಗುತ್ತದೆ. ಈಗಾಗಲೇ ಪ್ಲೇ-ಆಫ್‌ಗೇರಿರುವ 3 ತಂಡಗಳ ನಡುವೆ ಮೊದಲ 2 ಸ್ಥಾನಕ್ಕೆ ಪೈಪೋಟಿ ಇದೆ.
ಅಗ್ರ-2ರಲ್ಲಿ ಸ್ಥಾನ ಪಡೆಯುವ ತಂಡಗಳು ಕ್ವಾಲಿಫೈಯರ್-1ನಲ್ಲಿ ಆಡಲಿದ್ದು, ಆ ಪಂದ್ಯ ಗೆಲ್ಲುವ ತಂಡ ನೇರವಾಗಿ ಫೈನಲ್‌ಗೆ ಅರ್ಹತೆ ಪಡೆಯಲಿದೆ. ಕ್ವಾಲಿಫೈಯರ್‌ನಲ್ಲಿ ಸೋತ ತಂಡಕ್ಕೂ ಎಲಿಮಿನೇಟರ್ ಪಂದ್ಯವಿದೆ.
ನಾನು ನಿಮ್ಮಲ್ಲಿ ಒಬ್ಬ, ನಿಮ್ಮೊಂದಿಗೆ ನಿಲ್ಲುತ್ತೇನೆ: ಡಿಕೆಶಿ
ಬೆಂಗಳೂರು: ರಾತ್ರಿ ಸುರಿದ ಭಾರೀ ಮಳೆಗೆ ಬೆಂಗಳೂರು ತತ್ತರಿಸಿದ್ದು, ಜನ ಬಿಬಿಎಂಪಿ ವಿರುದ್ಧ ಆಕ್ರೋಶ ಹೊರಹಾಕುತ್ತಿದ್ದಾರೆ. ನಾನು ನಿಮ್ಮಲ್ಲಿ ಒಬ್ಬ, ನಾನು ನಿಮ್ಮೊಂದಿಗೆ ನಿಲ್ಲುತ್ತೇನೆ ಎಂದು ವ್ಯಾಪಕ ಟೀಕೆಯ ಬೆನ್ನಲ್ಲೇ ಡಿಸಿಎಂ ಡಿ.ಕೆ ಶಿವಕುಮಾರ್ ಎಕ್ಸ್‌ನಲ್ಲಿ ಪೋಸ್ಟ್ ಮಾಡಿದ್ದಾರೆ. ಬೆಂಗಳೂರಿನಲ್ಲಿ ಮಳೆಯ ಅವಾಂತರದ ಬಗ್ಗೆ ಎಕ್ಸ್‌ನಲ್ಲಿ ಪೋಸ್ಟ್ ಮಾಡಿರುವ ಅವರು, ಬೆಂಗಳೂರಿನಲ್ಲಿ ನಿರಂತರ ಮಳೆಯಿಂದ ಉಂಟಾದ ಹಾನಿಯಿಂದ ತೀವ್ರ ಕಳವಳಗೊಂಡಿದ್ದೇನೆ. ಸಂಬಂಧಪಟ್ಟ ಅಧಿಕಾರಿಗಳೊಂದಿಗೆ ನಾನು ನಿರಂತರ ಸಂಪರ್ಕದಲ್ಲಿದ್ದೇನೆ ಮತ್ತು ಪರಿಸ್ಥಿತಿಯನ್ನು ಸೂಕ್ಷ್ಮವಾಗಿ ಗಮನಿಸುತ್ತಿದ್ದೇನೆ. ಸವಾಲುಗಳನ್ನು ಎದುರಿಸಲು ಮತ್ತು ಪರಿಹಾರವನ್ನು ಕೈಗೊಳ್ಳುವ ದಿನದ 24 ಗಂಟೆಗಳೂ ನಾನು ಕೆಲಸ ಮಾಡುತ್ತಿದ್ದೇನೆ ಎಂದು ಬರೆದುಕೊಂಡಿದ್ದಾರೆ. ನಾನು ಬಿಬಿಎಂಪಿ ವಾರ್ ರೂಮ್ ಮತ್ತು ಪ್ರವಾಹ	ಪೀಡಿತ ಪ್ರದೇಶಗಳಿಗೆ ವೈಯಕ್ತಿಕವಾಗಿ ಭೇಟಿ ನೀಡಿ ವಾಸ್ತವಿಕವಾಗಿ ಮಾಹಿತಿ ಪಡೆಯುತ್ತೇನೆ. ಇವತ್ತು ನಾವು ಎದುರಿಸುತ್ತಿರುವ ಸಮಸ್ಯೆಗಳು ಹೊಸದೇನಲ್ಲ, ಹಲವು ಸರ್ಕಾರಗಳ, ಹಲವು ವರ್ಷಗಳ ನಿರ್ಲಕ್ಷತನ ಈ ಸಮಸ್ಯೆ ಎದುರಿಸುತ್ತಿದ್ದೇವೆ. ಈ ಸಮಸ್ಯೆಯನ್ನು
ಪರಿಹರಿಸಲು ಕೆಲಸ ಮಾಡುತ್ತಿದ್ದೇನೆ. ತಾತ್ಕಾಲಿಕ ಪರಿಹಾರ ಅಲ್ಲ, ದೀರ್ಘಕಾಲಿಕ ಪರಿಹಾರ ಕೈಗೊಳ್ಳಲು ಕೆಲಸ ಮಾಡುತ್ತಿದ್ದೇವೆ ಎಂದು ಹೇಳಿದ್ದಾರೆ. ನನ್ನೆಲ್ಲಾ ಬೆಂಗಳೂರಿಗರೇ, ನಾನು ನಿಮ್ಮಲ್ಲಿ ಒಬ್ಬ, ನಾನು ನಿಮ್ಮೊಂದಿಗೆ ನಿಲ್ಲುತ್ತೇನೆ. ನಿಮ್ಮ ಕಳವಳ ಅರ್ಥಮಾಡಿಕೊಳ್ಳುತ್ತೇನೆ. ಹತಾಶೆಯನ್ನು ಹಂಚಿಕೊಳ್ಳುತ್ತೇನೆ. ಬೆಂಗಳೂರಿನ ಈ ಸಮಸ್ಯೆಯನ್ನು ಪರಿಹರಿಸಲು ನಾನು ಬದ್ಧನಾಗಿದ್ದು, ಈ ಬಗ್ಗೆ ನಾನು ಭರವಸೆ ನೀಡುತ್ತೇನೆ. ನಾನು ನಿಮ್ಮೊಂದಿಗೆ ನಿಲ್ಲುತ್ತೇನೆ ಎಂದಿದ್ದಾರೆ. ರಾತ್ರಿ ಸುರಿದ ಭಾರೀ ಮಳೆಗೆ ಬೆಂಗಳೂರಿನ ಹಲವು ಪ್ರದೇಶಗಳು ಜಲಾವೃತಗೊಂಡಿದೆ. ಅಲ್ಲದೇ ರಸ್ತೆಗಳಲ್ಲಿ ನೀರು ತುಂಬಿದ್ದು ವಾಹನ ಸವಾರರು ಪರದಾಡುತ್ತಿದ್ದಾರೆ. ಇನ್ನು ಹಲವೆಡೆ ಮನೆಗಳಿಗೆ ನೀರು ನುಗ್ಗಿ ಜನ ಮನೆಯಿಂದ ಹೊರಬರಲಾರದೆ ತೊಂದರೆ ಅನುಭವಿಸುತ್ತಿದ್ದು, ಸರ್ಕಾರ ಹಾಗೂ ಬಿಬಿಎಂಪಿ ಅಧಿಕಾರಿಗಳ ವಿರುದ್ಧ ಜನ ಕಿಡಿಕಾರುತ್ತಿದ್ದಾರೆ.
Printed, Published & Owned by N.Venugopal Krishna, Printed at Dashapramathi Mudranalaya, No.45, 4th Cross, Srigandhadakaval, Bengaluru-560079.
Published at No.45, 4th Cross, Srigandhadakaval, Bengaluru-560079. Editor: N.Venugopal Krishna, Mobile No.+91 94835 89085,
email: sanjemugilu@gmail.com, RNI No.KARKAN/2002/08054
